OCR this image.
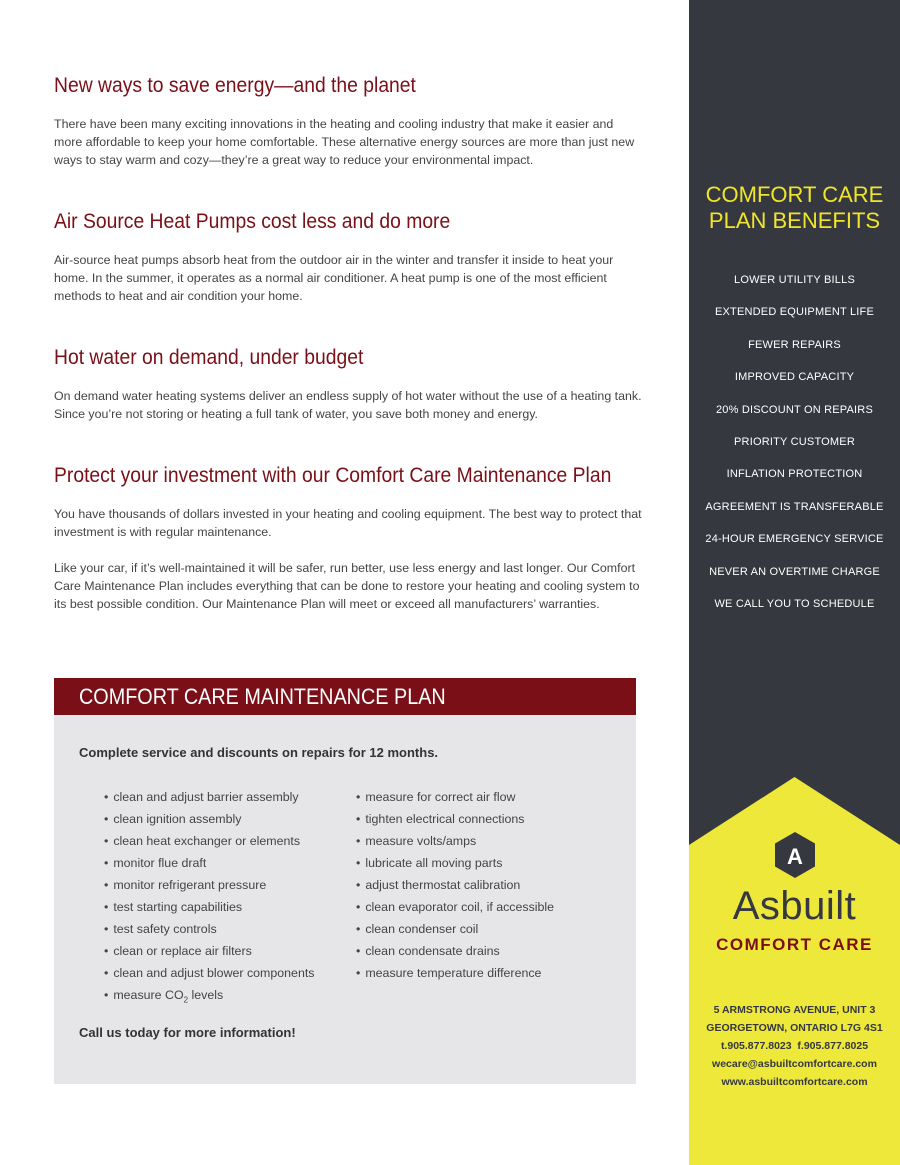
New ways to save energy—and the planet

There have been many exciting innovations in the heating and cooling industry that make it easier and more affordable to keep your home comfortable. These alternative energy sources are more than just new ways to stay warm and cozy—they’re a great way to reduce your environmental impact.

Air Source Heat Pumps cost less and do more

Air-source heat pumps absorb heat from the outdoor air in the winter and transfer it inside to heat your home. In the summer, it operates as a normal air conditioner. A heat pump is one of the most efficient methods to heat and air condition your home.

Hot water on demand, under budget

On demand water heating systems deliver an endless supply of hot water without the use of a heating tank. Since you’re not storing or heating a full tank of water, you save both money and energy.

Protect your investment with our Comfort Care Maintenance Plan

You have thousands of dollars invested in your heating and cooling equipment. The best way to protect that investment is with regular maintenance.

Like your car, if it’s well-maintained it will be safer, run better, use less energy and last longer. Our Comfort Care Maintenance Plan includes everything that can be done to restore your heating and cooling system to its best possible condition. Our Maintenance Plan will meet or exceed all manufacturers’ warranties.

COMFORT CARE MAINTENANCE PLAN
Complete service and discounts on repairs for 12 months.
• clean and adjust barrier assembly
• clean ignition assembly
• clean heat exchanger or elements
• monitor flue draft
• monitor refrigerant pressure
• test starting capabilities
• test safety controls
• clean or replace air filters
• clean and adjust blower components
• measure $CO_2$ levels
• measure for correct air flow
• tighten electrical connections
• measure volts/amps
• lubricate all moving parts
• adjust thermostat calibration
• clean evaporator coil, if accessible
• clean condenser coil
• clean condensate drains
• measure temperature difference
Call us today for more information!
COMFORT CARE
PLAN BENEFITS
LOWER UTILITY BILLS
EXTENDED EQUIPMENT LIFE
FEWER REPAIRS
IMPROVED CAPACITY
20% DISCOUNT ON REPAIRS
PRIORITY CUSTOMER
INFLATION PROTECTION
AGREEMENT IS TRANSFERABLE
24-HOUR EMERGENCY SERVICE
NEVER AN OVERTIME CHARGE
WE CALL YOU TO SCHEDULE
A
Asbuilt
COMFORT CARE
5 ARMSTRONG AVENUE, UNIT 3
GEORGETOWN, ONTARIO L7G 4S1
t.905.877.8023  f.905.877.8025
wecare@asbuiltcomfortcare.com
www.asbuiltcomfortcare.com
